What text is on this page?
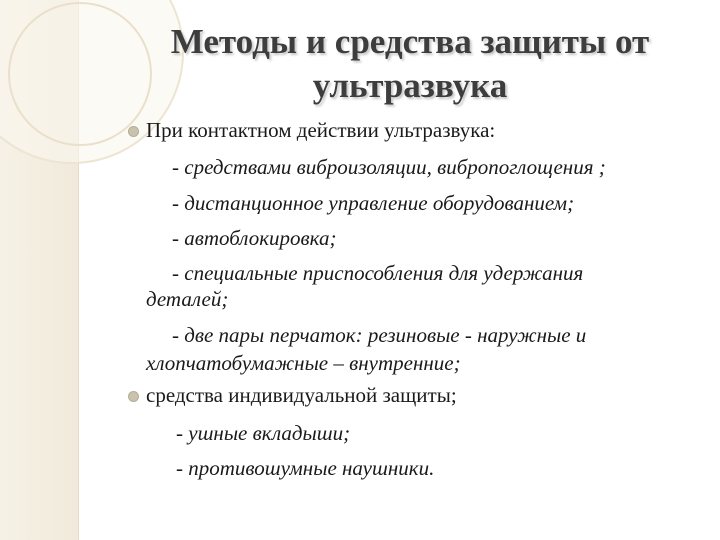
Методы и средства защиты от ультразвука
При контактном действии ультразвука:
- средствами виброизоляции, вибропоглощения ;
- дистанционное управление оборудованием;
- автоблокировка;
- специальные приспособления для удержания
деталей;
- две пары перчаток: резиновые - наружные и
хлопчатобумажные – внутренние;
средства индивидуальной защиты;
- ушные вкладыши;
- противошумные наушники.
